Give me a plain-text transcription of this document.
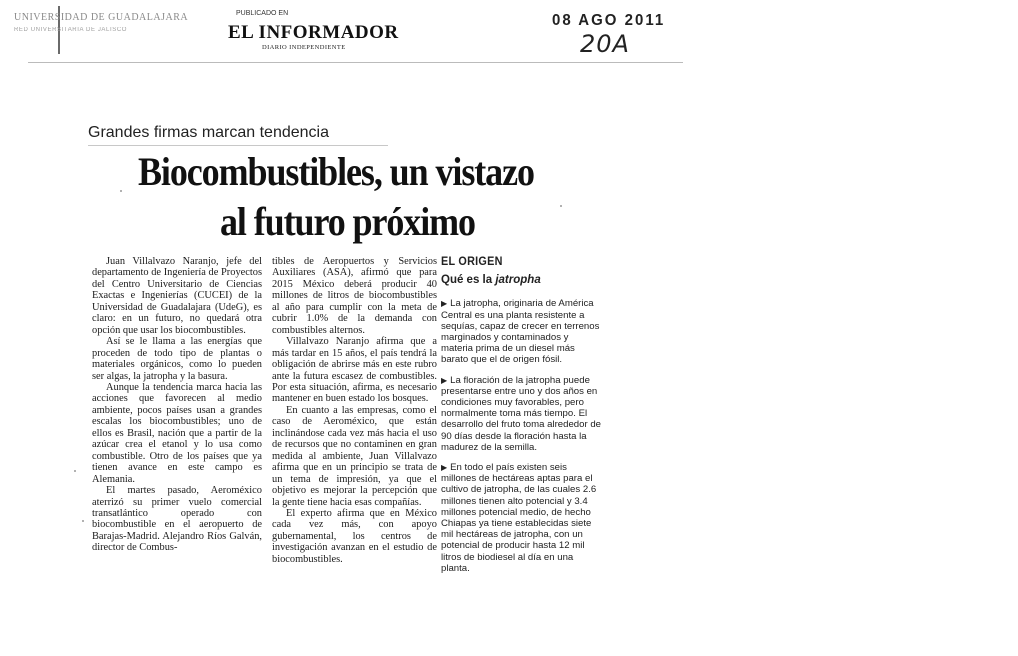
UNIVERSIDAD DE GUADALAJARA
RED UNIVERSITARIA DE JALISCO
PUBLICADO EN
EL INFORMADOR
DIARIO INDEPENDIENTE
08 AGO 2011
20A
Grandes firmas marcan tendencia
Biocombustibles, un vistazo
al futuro próximo

Juan Villalvazo Naranjo, jefe del departamento de Ingeniería de Proyectos del Centro Universitario de Ciencias Exactas e Ingenierías (CUCEI) de la Universidad de Guadalajara (UdeG), es claro: en un futuro, no quedará otra opción que usar los biocombustibles.

Así se le llama a las energías que proceden de todo tipo de plantas o materiales orgánicos, como lo pueden ser algas, la jatropha y la basura.

Aunque la tendencia marca hacia las acciones que favorecen al medio ambiente, pocos países usan a grandes escalas los biocombustibles; uno de ellos es Brasil, nación que a partir de la azúcar crea el etanol y lo usa como combustible. Otro de los países que ya tienen avance en este campo es Alemania.

El martes pasado, Aeroméxico aterrizó su primer vuelo comercial transatlántico operado con biocombustible en el aeropuerto de Barajas-Madrid. Alejandro Ríos Galván, director de Combus-

tibles de Aeropuertos y Servicios Auxiliares (ASA), afirmó que para 2015 México deberá producir 40 millones de litros de biocombustibles al año para cumplir con la meta de cubrir 1.0% de la demanda con combustibles alternos.

Villalvazo Naranjo afirma que a más tardar en 15 años, el país tendrá la obligación de abrirse más en este rubro ante la futura escasez de combustibles. Por esta situación, afirma, es necesario mantener en buen estado los bosques.

En cuanto a las empresas, como el caso de Aeroméxico, que están inclinándose cada vez más hacia el uso de recursos que no contaminen en gran medida al ambiente, Juan Villalvazo afirma que en un principio se trata de un tema de impresión, ya que el objetivo es mejorar la percepción que la gente tiene hacia esas compañías.

El experto afirma que en México cada vez más, con apoyo gubernamental, los centros de investigación avanzan en el estudio de biocombustibles.

EL ORIGEN
Qué es la jatropha

▶ La jatropha, originaria de América Central es una planta resistente a sequías, capaz de crecer en terrenos marginados y contaminados y materia prima de un diesel más barato que el de origen fósil.

▶ La floración de la jatropha puede presentarse entre uno y dos años en condiciones muy favorables, pero normalmente toma más tiempo. El desarrollo del fruto toma alrededor de 90 días desde la floración hasta la madurez de la semilla.

▶ En todo el país existen seis millones de hectáreas aptas para el cultivo de jatropha, de las cuales 2.6 millones tienen alto potencial y 3.4 millones potencial medio, de hecho Chiapas ya tiene establecidas siete mil hectáreas de jatropha, con un potencial de producir hasta 12 mil litros de biodiesel al día en una planta.
